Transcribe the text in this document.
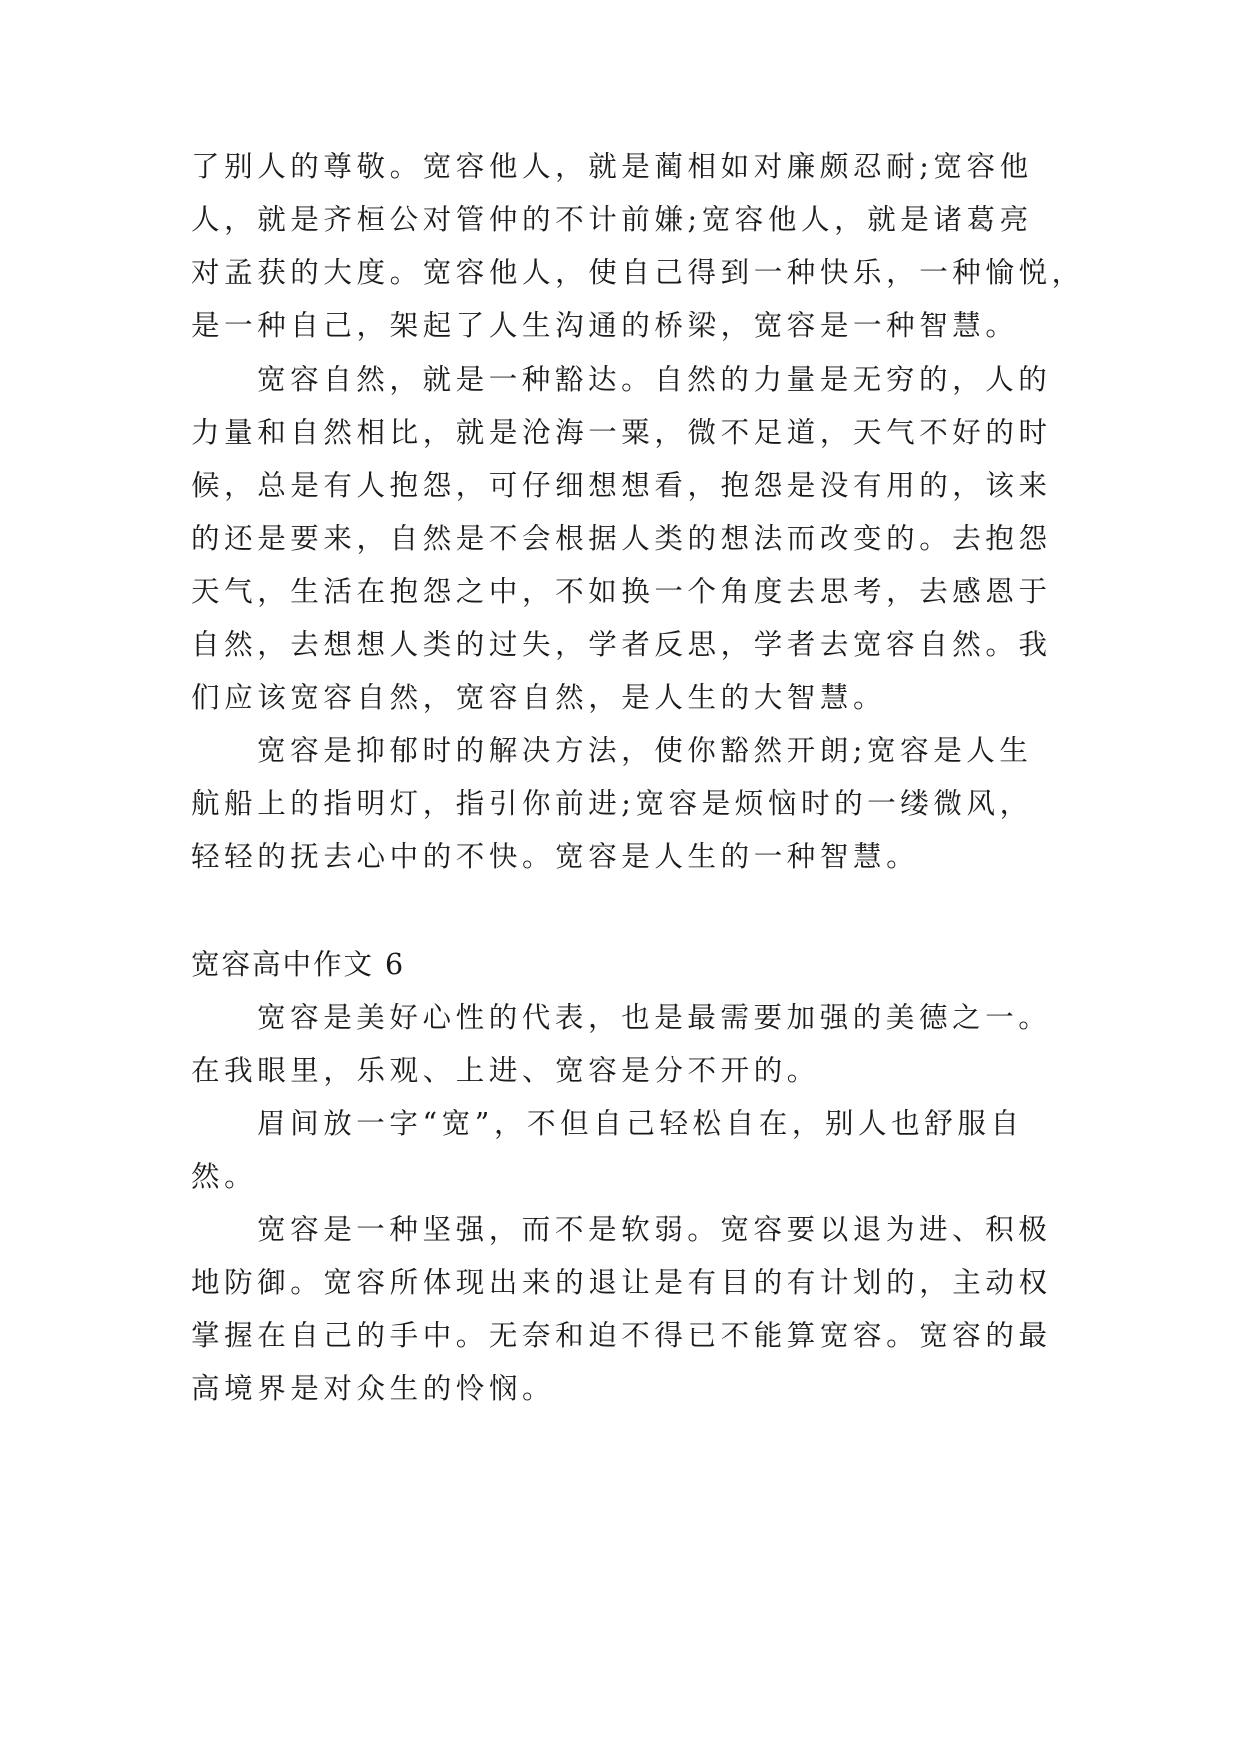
了别人的尊敬。宽容他人，就是蔺相如对廉颇忍耐;宽容他
人，就是齐桓公对管仲的不计前嫌;宽容他人，就是诸葛亮
对孟获的大度。宽容他人，使自己得到一种快乐，一种愉悦，
是一种自己，架起了人生沟通的桥梁，宽容是一种智慧。
宽容自然，就是一种豁达。自然的力量是无穷的，人的
力量和自然相比，就是沧海一粟，微不足道，天气不好的时
候，总是有人抱怨，可仔细想想看，抱怨是没有用的，该来
的还是要来，自然是不会根据人类的想法而改变的。去抱怨
天气，生活在抱怨之中，不如换一个角度去思考，去感恩于
自然，去想想人类的过失，学者反思，学者去宽容自然。我
们应该宽容自然，宽容自然，是人生的大智慧。
宽容是抑郁时的解决方法，使你豁然开朗;宽容是人生
航船上的指明灯，指引你前进;宽容是烦恼时的一缕微风，
轻轻的抚去心中的不快。宽容是人生的一种智慧。
宽容高中作文 6
宽容是美好心性的代表，也是最需要加强的美德之一。
在我眼里，乐观、上进、宽容是分不开的。
眉间放一字“宽”，不但自己轻松自在，别人也舒服自
然。
宽容是一种坚强，而不是软弱。宽容要以退为进、积极
地防御。宽容所体现出来的退让是有目的有计划的，主动权
掌握在自己的手中。无奈和迫不得已不能算宽容。宽容的最
高境界是对众生的怜悯。
